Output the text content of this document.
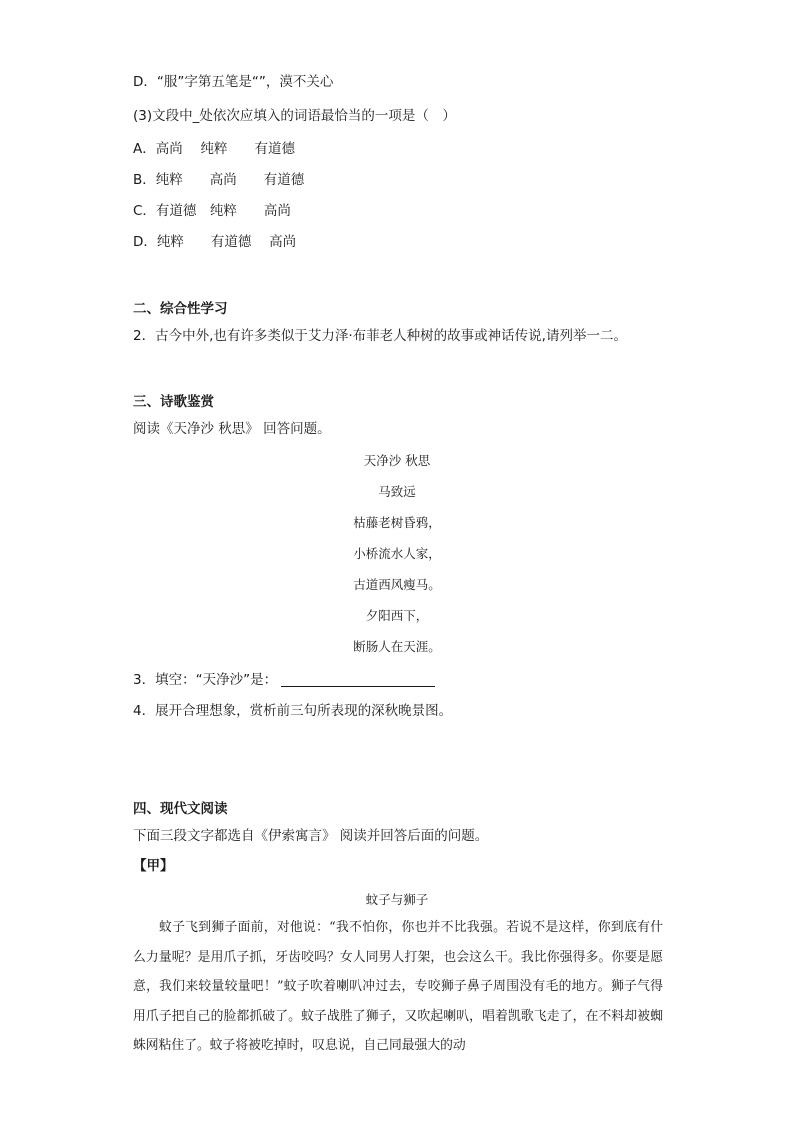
D．“服”字第五笔是“”，漠不关心
(3)文段中_处依次应填入的词语最恰当的一项是（　）
A．高尚　 纯粹　　有道德
B．纯粹　　高尚　　有道德
C．有道德　纯粹　　高尚
D．纯粹　　有道德　 高尚
二、综合性学习
2．古今中外,也有许多类似于艾力泽·布菲老人种树的故事或神话传说,请列举一二。
三、诗歌鉴赏
阅读《天净沙 秋思》 回答问题。
天净沙 秋思
马致远
枯藤老树昏鸦，
小桥流水人家，
古道西风瘦马。
夕阳西下，
断肠人在天涯。
3．填空：“天净沙”是：
4．展开合理想象，赏析前三句所表现的深秋晚景图。
四、现代文阅读
下面三段文字都选自《伊索寓言》 阅读并回答后面的问题。
【甲】
蚊子与狮子
蚊子飞到狮子面前，对他说：“我不怕你，你也并不比我强。若说不是这样，你到底有什么力量呢？是用爪子抓，牙齿咬吗？女人同男人打架，也会这么干。我比你强得多。你要是愿意，我们来较量较量吧！”蚊子吹着喇叭冲过去，专咬狮子鼻子周围没有毛的地方。狮子气得用爪子把自己的脸都抓破了。蚊子战胜了狮子，又吹起喇叭，唱着凯歌飞走了，在不料却被蜘蛛网粘住了。蚊子将被吃掉时，叹息说，自己同最强大的动
